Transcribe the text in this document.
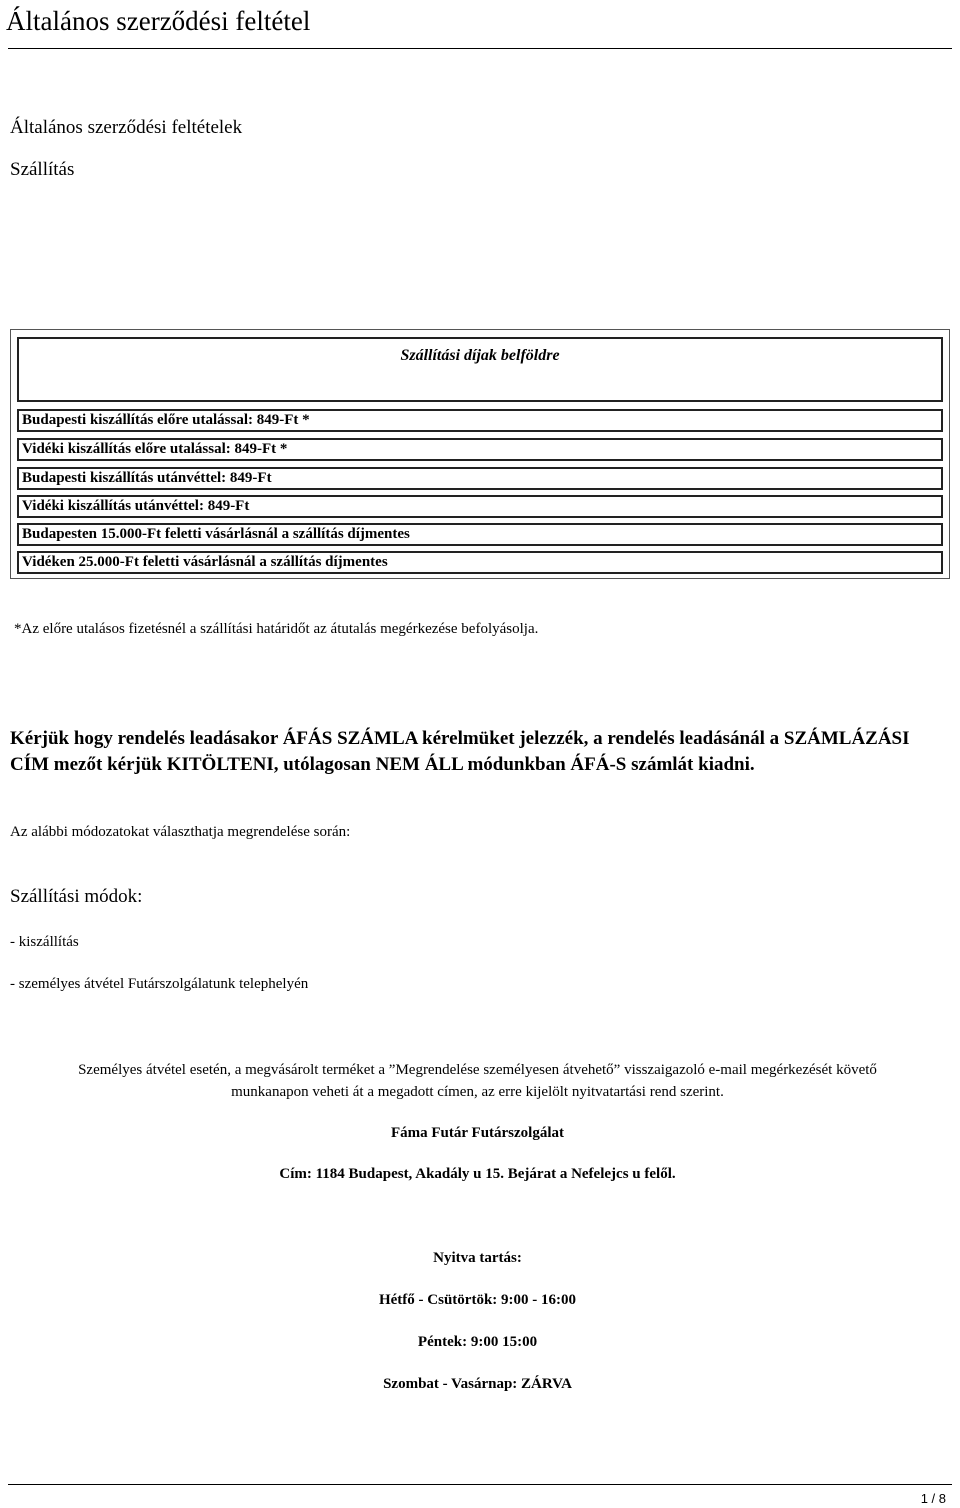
Általános szerződési feltétel
Általános szerződési feltételek
Szállítás
Szállítási díjak belföldre
Budapesti kiszállítás előre utalással: 849-Ft *
Vidéki kiszállítás előre utalással: 849-Ft *
Budapesti kiszállítás utánvéttel: 849-Ft
Vidéki kiszállítás utánvéttel: 849-Ft
Budapesten 15.000-Ft feletti vásárlásnál a szállítás díjmentes
Vidéken 25.000-Ft feletti vásárlásnál a szállítás díjmentes
*Az előre utalásos fizetésnél a szállítási határidőt az átutalás megérkezése befolyásolja.
Kérjük hogy rendelés leadásakor ÁFÁS SZÁMLA kérelmüket jelezzék, a rendelés leadásánál a SZÁMLÁZÁSI CÍM mezőt kérjük KITÖLTENI, utólagosan NEM ÁLL módunkban ÁFÁ-S számlát kiadni.
Az alábbi módozatokat választhatja megrendelése során:
Szállítási módok:
- kiszállítás
- személyes átvétel Futárszolgálatunk telephelyén
Személyes átvétel esetén, a megvásárolt terméket a ”Megrendelése személyesen átvehető” visszaigazoló e-mail megérkezését követő
munkanapon veheti át a megadott címen, az erre kijelölt nyitvatartási rend szerint.
Fáma Futár Futárszolgálat
Cím: 1184 Budapest, Akadály u 15. Bejárat a Nefelejcs u felől.
Nyitva tartás:
Hétfő - Csütörtök: 9:00 - 16:00
Péntek: 9:00 15:00
Szombat - Vasárnap: ZÁRVA
1 / 8
